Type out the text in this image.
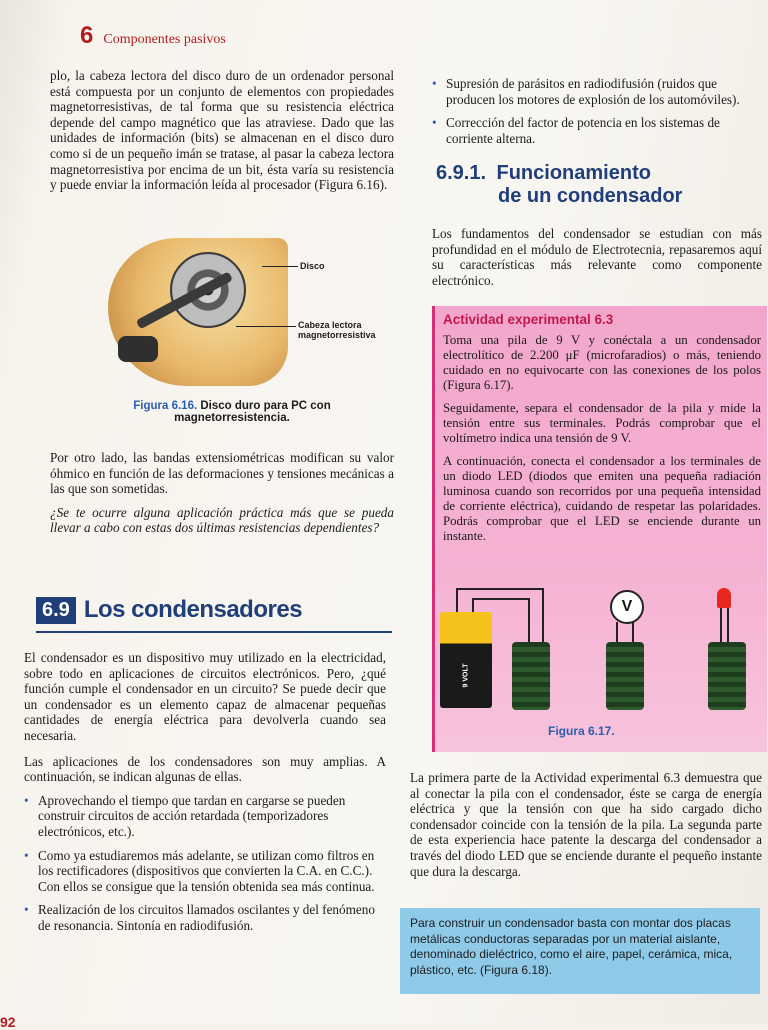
6 Componentes pasivos

plo, la cabeza lectora del disco duro de un ordenador personal está compuesta por un conjunto de elementos con propiedades magnetorresistivas, de tal forma que su resistencia eléctrica depende del campo magnético que las atraviese. Dado que las unidades de información (bits) se almacenan en el disco duro como si de un pequeño imán se tratase, al pasar la cabeza lectora magnetorresistiva por encima de un bit, ésta varía su resistencia y puede enviar la información leída al procesador (Figura 6.16).

Disco
Cabeza lectora magnetorresistiva
Figura 6.16. Disco duro para PC con magnetorresistencia.

Por otro lado, las bandas extensiométricas modifican su valor óhmico en función de las deformaciones y tensiones mecánicas a las que son sometidas.

¿Se te ocurre alguna aplicación práctica más que se pueda llevar a cabo con estas dos últimas resistencias dependientes?

6.9 Los condensadores

El condensador es un dispositivo muy utilizado en la electricidad, sobre todo en aplicaciones de circuitos electrónicos. Pero, ¿qué función cumple el condensador en un circuito? Se puede decir que un condensador es un elemento capaz de almacenar pequeñas cantidades de energía eléctrica para devolverla cuando sea necesaria.

Las aplicaciones de los condensadores son muy amplias. A continuación, se indican algunas de ellas.

• Aprovechando el tiempo que tardan en cargarse se pueden construir circuitos de acción retardada (temporizadores electrónicos, etc.).
• Como ya estudiaremos más adelante, se utilizan como filtros en los rectificadores (dispositivos que convierten la C.A. en C.C.). Con ellos se consigue que la tensión obtenida sea más continua.
• Realización de los circuitos llamados oscilantes y del fenómeno de resonancia. Sintonía en radiodifusión.
• Supresión de parásitos en radiodifusión (ruidos que producen los motores de explosión de los automóviles).
• Corrección del factor de potencia en los sistemas de corriente alterna.
6.9.1. Funcionamiento
de un condensador

Los fundamentos del condensador se estudian con más profundidad en el módulo de Electrotecnia, repasaremos aquí su características más relevante como componente electrónico.

Actividad experimental 6.3

Toma una pila de 9 V y conéctala a un condensador electrolítico de 2.200 μF (microfaradios) o más, teniendo cuidado en no equivocarte con las conexiones de los polos (Figura 6.17).

Seguidamente, separa el condensador de la pila y mide la tensión entre sus terminales. Podrás comprobar que el voltímetro indica una tensión de 9 V.

A continuación, conecta el condensador a los terminales de un diodo LED (diodos que emiten una pequeña radiación luminosa cuando son recorridos por una pequeña intensidad de corriente eléctrica), cuidando de respetar las polaridades. Podrás comprobar que el LED se enciende durante un instante.

9 VOLT
V
Figura 6.17.

La primera parte de la Actividad experimental 6.3 demuestra que al conectar la pila con el condensador, éste se carga de energía eléctrica y que la tensión con que ha sido cargado dicho condensador coincide con la tensión de la pila. La segunda parte de esta experiencia hace patente la descarga del condensador a través del diodo LED que se enciende durante el pequeño instante que dura la descarga.

Para construir un condensador basta con montar dos placas metálicas conductoras separadas por un material aislante, denominado dieléctrico, como el aire, papel, cerámica, mica, plástico, etc. (Figura 6.18).
92
